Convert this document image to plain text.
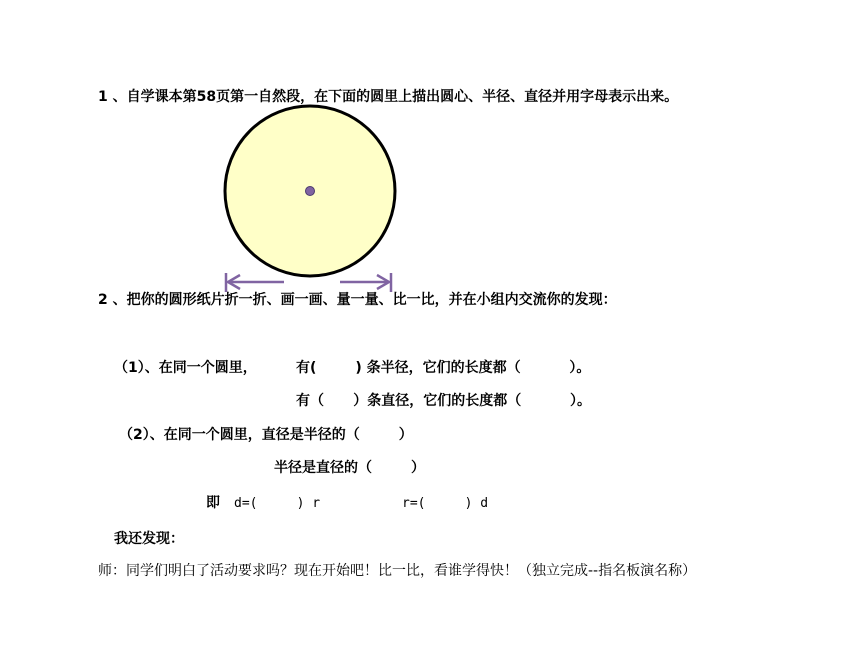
1 、自学课本第58页第一自然段，在下面的圆里上描出圆心、半径、直径并用字母表示出来。
2 、把你的圆形纸片折一折、画一画、量一量、比一比，并在小组内交流你的发现：
（1）、在同一个圆里，	有(        ) 条半径，它们的长度都（          ）。
有（      ）条直径，它们的长度都（          ）。
（2）、在同一个圆里，直径是半径的（        ）
半径是直径的（        ）
即 d=(     ) r	r=(     ) d
我还发现：
师：同学们明白了活动要求吗？现在开始吧！比一比，看谁学得快！（独立完成--指名板演名称）
